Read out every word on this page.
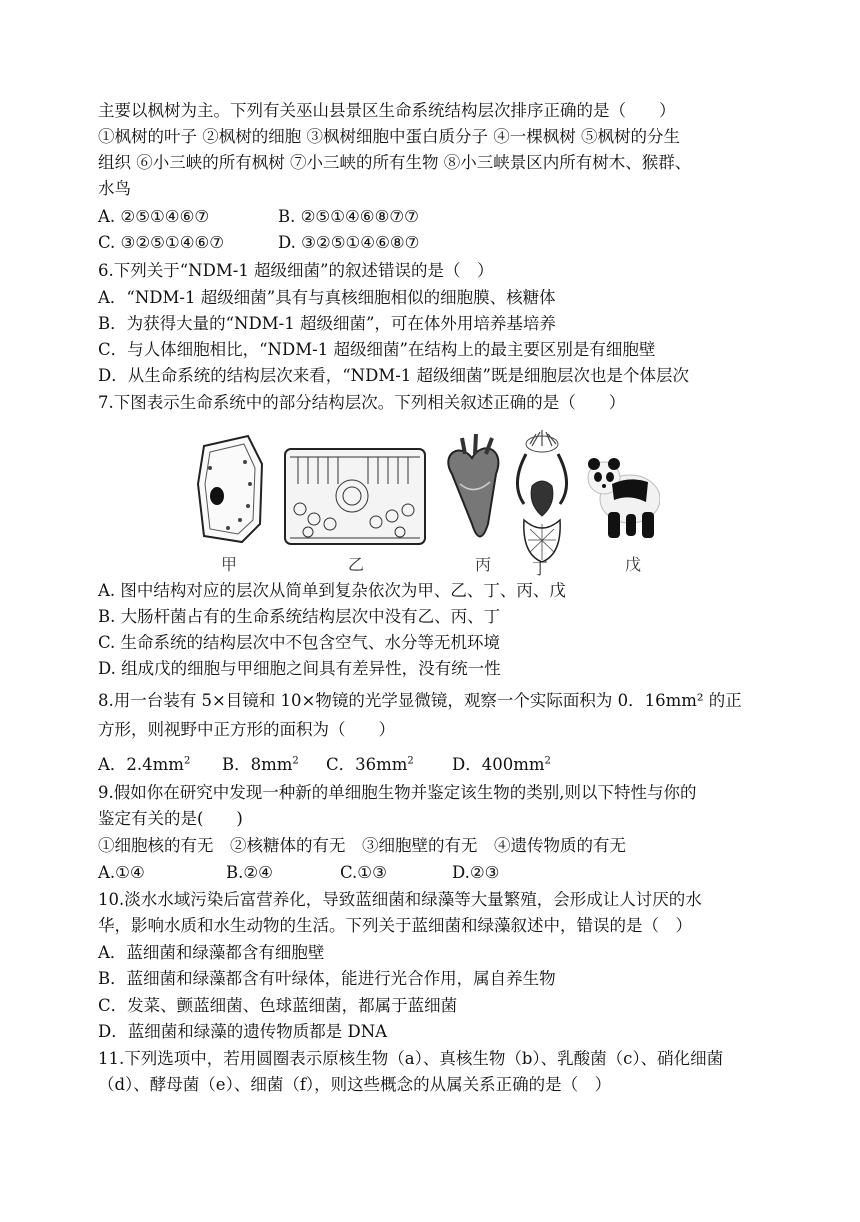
主要以枫树为主。下列有关巫山县景区生命系统结构层次排序正确的是（　　）
①枫树的叶子 ②枫树的细胞 ③枫树细胞中蛋白质分子 ④一棵枫树 ⑤枫树的分生
组织 ⑥小三峡的所有枫树 ⑦小三峡的所有生物 ⑧小三峡景区内所有树木、猴群、
水鸟
A. ②⑤①④⑥⑦	B. ②⑤①④⑥⑧⑦⑦
C. ③②⑤①④⑥⑦	D. ③②⑤①④⑥⑧⑦
6.下列关于“NDM-1 超级细菌”的叙述错误的是（　）
A．“NDM-1 超级细菌”具有与真核细胞相似的细胞膜、核糖体
B．为获得大量的“NDM-1 超级细菌”，可在体外用培养基培养
C．与人体细胞相比，“NDM-1 超级细菌”在结构上的最主要区别是有细胞壁
D．从生命系统的结构层次来看，“NDM-1 超级细菌”既是细胞层次也是个体层次
7.下图表示生命系统中的部分结构层次。下列相关叙述正确的是（　　）
甲	乙	丙	丁	戊
A. 图中结构对应的层次从简单到复杂依次为甲、乙、丁、丙、戊
B. 大肠杆菌占有的生命系统结构层次中没有乙、丙、丁
C. 生命系统的结构层次中不包含空气、水分等无机环境
D. 组成戊的细胞与甲细胞之间具有差异性，没有统一性
8.用一台装有 5×目镜和 10×物镜的光学显微镜，观察一个实际面积为 0．16mm² 的正
方形，则视野中正方形的面积为（　　）
A．$2.4mm^2$ B．$8mm^2$ C．$36mm^2$ D．$400mm^2$
9.假如你在研究中发现一种新的单细胞生物并鉴定该生物的类别,则以下特性与你的
鉴定有关的是(　　)
①细胞核的有无　②核糖体的有无　③细胞壁的有无　④遗传物质的有无
A.①④	B.②④	C.①③	D.②③
10.淡水水域污染后富营养化，导致蓝细菌和绿藻等大量繁殖，会形成让人讨厌的水
华，影响水质和水生动物的生活。下列关于蓝细菌和绿藻叙述中，错误的是（　）
A．蓝细菌和绿藻都含有细胞壁
B．蓝细菌和绿藻都含有叶绿体，能进行光合作用，属自养生物
C．发菜、颤蓝细菌、色球蓝细菌，都属于蓝细菌
D．蓝细菌和绿藻的遗传物质都是 DNA
11.下列选项中，若用圆圈表示原核生物（a）、真核生物（b）、乳酸菌（c）、硝化细菌
（d）、酵母菌（e）、细菌（f），则这些概念的从属关系正确的是（　）
